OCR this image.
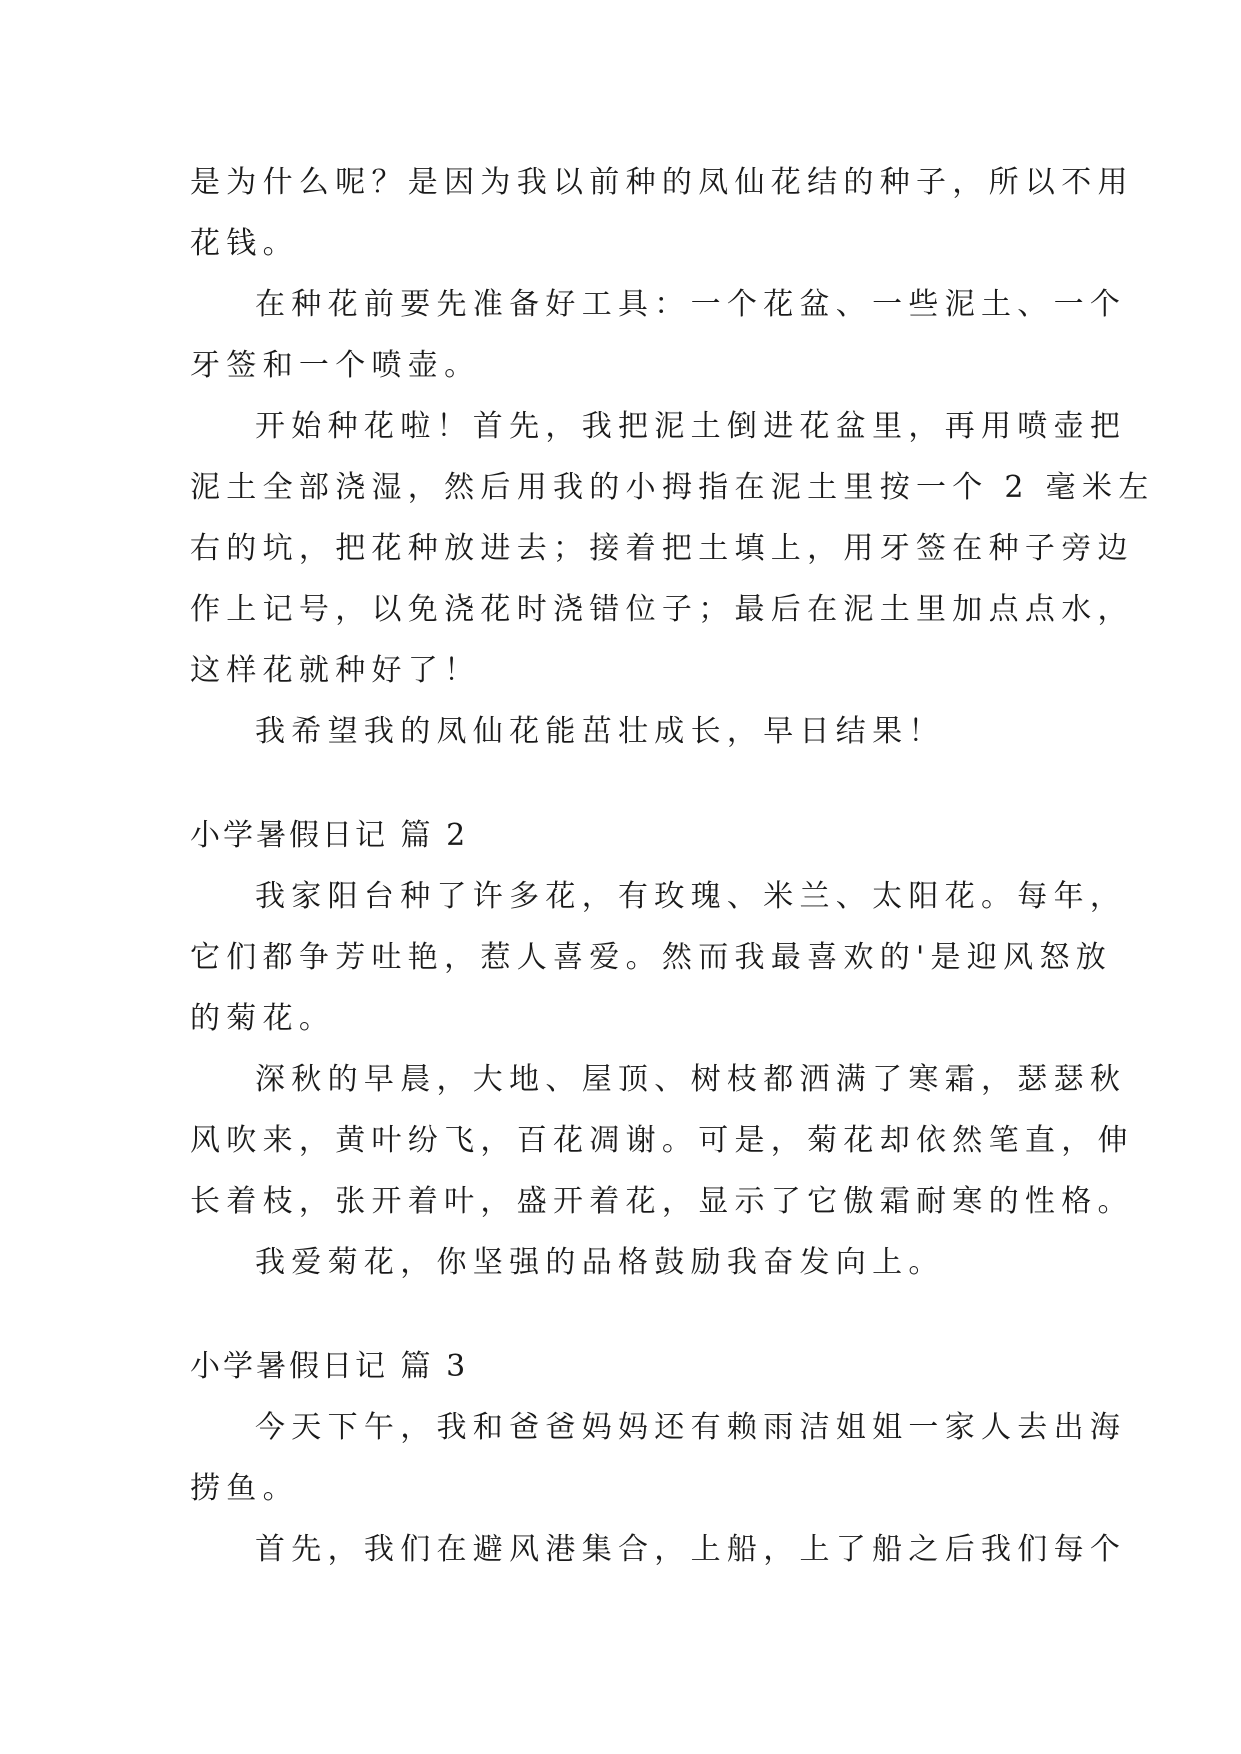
是为什么呢？是因为我以前种的凤仙花结的种子，所以不用
花钱。
在种花前要先准备好工具：一个花盆、一些泥土、一个
牙签和一个喷壶。
开始种花啦！首先，我把泥土倒进花盆里，再用喷壶把
泥土全部浇湿，然后用我的小拇指在泥土里按一个 2 毫米左
右的坑，把花种放进去；接着把土填上，用牙签在种子旁边
作上记号，以免浇花时浇错位子；最后在泥土里加点点水，
这样花就种好了！
我希望我的凤仙花能茁壮成长，早日结果！
小学暑假日记 篇 2
我家阳台种了许多花，有玫瑰、米兰、太阳花。每年，
它们都争芳吐艳，惹人喜爱。然而我最喜欢的'是迎风怒放
的菊花。
深秋的早晨，大地、屋顶、树枝都洒满了寒霜，瑟瑟秋
风吹来，黄叶纷飞，百花凋谢。可是，菊花却依然笔直，伸
长着枝，张开着叶，盛开着花，显示了它傲霜耐寒的性格。
我爱菊花，你坚强的品格鼓励我奋发向上。
小学暑假日记 篇 3
今天下午，我和爸爸妈妈还有赖雨洁姐姐一家人去出海
捞鱼。
首先，我们在避风港集合，上船，上了船之后我们每个
